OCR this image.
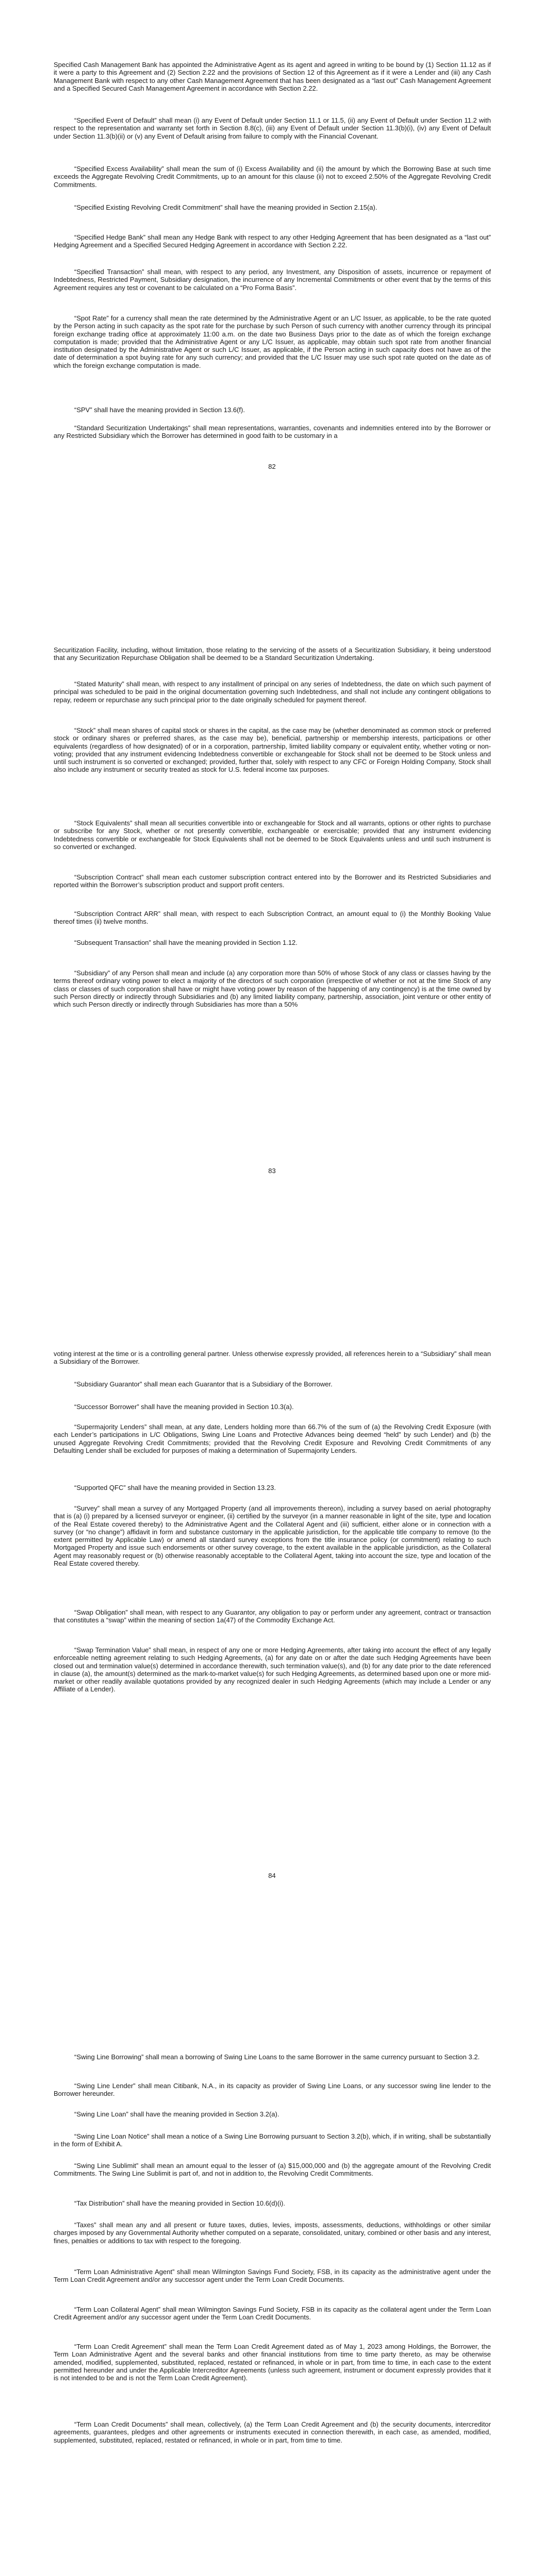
Specified Cash Management Bank has appointed the Administrative Agent as its agent and agreed in writing to be bound by (1) Section 11.12 as if it were a party to this Agreement and (2) Section 2.22 and the provisions of Section 12 of this Agreement as if it were a Lender and (iii) any Cash Management Bank with respect to any other Cash Management Agreement that has been designated as a “last out” Cash Management Agreement and a Specified Secured Cash Management Agreement in accordance with Section 2.22.

“Specified Event of Default” shall mean (i) any Event of Default under Section 11.1 or 11.5, (ii) any Event of Default under Section 11.2 with respect to the representation and warranty set forth in Section 8.8(c), (iii) any Event of Default under Section 11.3(b)(i), (iv) any Event of Default under Section 11.3(b)(ii) or (v) any Event of Default arising from failure to comply with the Financial Covenant.

“Specified Excess Availability” shall mean the sum of (i) Excess Availability and (ii) the amount by which the Borrowing Base at such time exceeds the Aggregate Revolving Credit Commitments, up to an amount for this clause (ii) not to exceed 2.50% of the Aggregate Revolving Credit Commitments.

“Specified Existing Revolving Credit Commitment” shall have the meaning provided in Section 2.15(a).

“Specified Hedge Bank” shall mean any Hedge Bank with respect to any other Hedging Agreement that has been designated as a “last out” Hedging Agreement and a Specified Secured Hedging Agreement in accordance with Section 2.22.

“Specified Transaction” shall mean, with respect to any period, any Investment, any Disposition of assets, incurrence or repayment of Indebtedness, Restricted Payment, Subsidiary designation, the incurrence of any Incremental Commitments or other event that by the terms of this Agreement requires any test or covenant to be calculated on a “Pro Forma Basis”.

“Spot Rate” for a currency shall mean the rate determined by the Administrative Agent or an L/C Issuer, as applicable, to be the rate quoted by the Person acting in such capacity as the spot rate for the purchase by such Person of such currency with another currency through its principal foreign exchange trading office at approximately 11:00 a.m. on the date two Business Days prior to the date as of which the foreign exchange computation is made; provided that the Administrative Agent or any L/C Issuer, as applicable, may obtain such spot rate from another financial institution designated by the Administrative Agent or such L/C Issuer, as applicable, if the Person acting in such capacity does not have as of the date of determination a spot buying rate for any such currency; and provided that the L/C Issuer may use such spot rate quoted on the date as of which the foreign exchange computation is made.

“SPV” shall have the meaning provided in Section 13.6(f).

“Standard Securitization Undertakings” shall mean representations, warranties, covenants and indemnities entered into by the Borrower or any Restricted Subsidiary which the Borrower has determined in good faith to be customary in a

82

Securitization Facility, including, without limitation, those relating to the servicing of the assets of a Securitization Subsidiary, it being understood that any Securitization Repurchase Obligation shall be deemed to be a Standard Securitization Undertaking.

“Stated Maturity” shall mean, with respect to any installment of principal on any series of Indebtedness, the date on which such payment of principal was scheduled to be paid in the original documentation governing such Indebtedness, and shall not include any contingent obligations to repay, redeem or repurchase any such principal prior to the date originally scheduled for payment thereof.

“Stock” shall mean shares of capital stock or shares in the capital, as the case may be (whether denominated as common stock or preferred stock or ordinary shares or preferred shares, as the case may be), beneficial, partnership or membership interests, participations or other equivalents (regardless of how designated) of or in a corporation, partnership, limited liability company or equivalent entity, whether voting or non-voting; provided that any instrument evidencing Indebtedness convertible or exchangeable for Stock shall not be deemed to be Stock unless and until such instrument is so converted or exchanged; provided, further that, solely with respect to any CFC or Foreign Holding Company, Stock shall also include any instrument or security treated as stock for U.S. federal income tax purposes.

“Stock Equivalents” shall mean all securities convertible into or exchangeable for Stock and all warrants, options or other rights to purchase or subscribe for any Stock, whether or not presently convertible, exchangeable or exercisable; provided that any instrument evidencing Indebtedness convertible or exchangeable for Stock Equivalents shall not be deemed to be Stock Equivalents unless and until such instrument is so converted or exchanged.

“Subscription Contract” shall mean each customer subscription contract entered into by the Borrower and its Restricted Subsidiaries and reported within the Borrower’s subscription product and support profit centers.

“Subscription Contract ARR” shall mean, with respect to each Subscription Contract, an amount equal to (i) the Monthly Booking Value thereof times (ii) twelve months.

“Subsequent Transaction” shall have the meaning provided in Section 1.12.

“Subsidiary” of any Person shall mean and include (a) any corporation more than 50% of whose Stock of any class or classes having by the terms thereof ordinary voting power to elect a majority of the directors of such corporation (irrespective of whether or not at the time Stock of any class or classes of such corporation shall have or might have voting power by reason of the happening of any contingency) is at the time owned by such Person directly or indirectly through Subsidiaries and (b) any limited liability company, partnership, association, joint venture or other entity of which such Person directly or indirectly through Subsidiaries has more than a 50%

83

voting interest at the time or is a controlling general partner. Unless otherwise expressly provided, all references herein to a “Subsidiary” shall mean a Subsidiary of the Borrower.

“Subsidiary Guarantor” shall mean each Guarantor that is a Subsidiary of the Borrower.

“Successor Borrower” shall have the meaning provided in Section 10.3(a).

“Supermajority Lenders” shall mean, at any date, Lenders holding more than 66.7% of the sum of (a) the Revolving Credit Exposure (with each Lender’s participations in L/C Obligations, Swing Line Loans and Protective Advances being deemed “held” by such Lender) and (b) the unused Aggregate Revolving Credit Commitments; provided that the Revolving Credit Exposure and Revolving Credit Commitments of any Defaulting Lender shall be excluded for purposes of making a determination of Supermajority Lenders.

“Supported QFC” shall have the meaning provided in Section 13.23.

“Survey” shall mean a survey of any Mortgaged Property (and all improvements thereon), including a survey based on aerial photography that is (a) (i) prepared by a licensed surveyor or engineer, (ii) certified by the surveyor (in a manner reasonable in light of the site, type and location of the Real Estate covered thereby) to the Administrative Agent and the Collateral Agent and (iii) sufficient, either alone or in connection with a survey (or “no change”) affidavit in form and substance customary in the applicable jurisdiction, for the applicable title company to remove (to the extent permitted by Applicable Law) or amend all standard survey exceptions from the title insurance policy (or commitment) relating to such Mortgaged Property and issue such endorsements or other survey coverage, to the extent available in the applicable jurisdiction, as the Collateral Agent may reasonably request or (b) otherwise reasonably acceptable to the Collateral Agent, taking into account the size, type and location of the Real Estate covered thereby.

“Swap Obligation” shall mean, with respect to any Guarantor, any obligation to pay or perform under any agreement, contract or transaction that constitutes a “swap” within the meaning of section 1a(47) of the Commodity Exchange Act.

“Swap Termination Value” shall mean, in respect of any one or more Hedging Agreements, after taking into account the effect of any legally enforceable netting agreement relating to such Hedging Agreements, (a) for any date on or after the date such Hedging Agreements have been closed out and termination value(s) determined in accordance therewith, such termination value(s), and (b) for any date prior to the date referenced in clause (a), the amount(s) determined as the mark-to-market value(s) for such Hedging Agreements, as determined based upon one or more mid-market or other readily available quotations provided by any recognized dealer in such Hedging Agreements (which may include a Lender or any Affiliate of a Lender).

84

“Swing Line Borrowing” shall mean a borrowing of Swing Line Loans to the same Borrower in the same currency pursuant to Section 3.2.

“Swing Line Lender” shall mean Citibank, N.A., in its capacity as provider of Swing Line Loans, or any successor swing line lender to the Borrower hereunder.

“Swing Line Loan” shall have the meaning provided in Section 3.2(a).

“Swing Line Loan Notice” shall mean a notice of a Swing Line Borrowing pursuant to Section 3.2(b), which, if in writing, shall be substantially in the form of Exhibit A.

“Swing Line Sublimit” shall mean an amount equal to the lesser of (a) $15,000,000 and (b) the aggregate amount of the Revolving Credit Commitments. The Swing Line Sublimit is part of, and not in addition to, the Revolving Credit Commitments.

“Tax Distribution” shall have the meaning provided in Section 10.6(d)(i).

“Taxes” shall mean any and all present or future taxes, duties, levies, imposts, assessments, deductions, withholdings or other similar charges imposed by any Governmental Authority whether computed on a separate, consolidated, unitary, combined or other basis and any interest, fines, penalties or additions to tax with respect to the foregoing.

“Term Loan Administrative Agent” shall mean Wilmington Savings Fund Society, FSB, in its capacity as the administrative agent under the Term Loan Credit Agreement and/or any successor agent under the Term Loan Credit Documents.

“Term Loan Collateral Agent” shall mean Wilmington Savings Fund Society, FSB in its capacity as the collateral agent under the Term Loan Credit Agreement and/or any successor agent under the Term Loan Credit Documents.

“Term Loan Credit Agreement” shall mean the Term Loan Credit Agreement dated as of May 1, 2023 among Holdings, the Borrower, the Term Loan Administrative Agent and the several banks and other financial institutions from time to time party thereto, as may be otherwise amended, modified, supplemented, substituted, replaced, restated or refinanced, in whole or in part, from time to time, in each case to the extent permitted hereunder and under the Applicable Intercreditor Agreements (unless such agreement, instrument or document expressly provides that it is not intended to be and is not the Term Loan Credit Agreement).

“Term Loan Credit Documents” shall mean, collectively, (a) the Term Loan Credit Agreement and (b) the security documents, intercreditor agreements, guarantees, pledges and other agreements or instruments executed in connection therewith, in each case, as amended, modified, supplemented, substituted, replaced, restated or refinanced, in whole or in part, from time to time.
